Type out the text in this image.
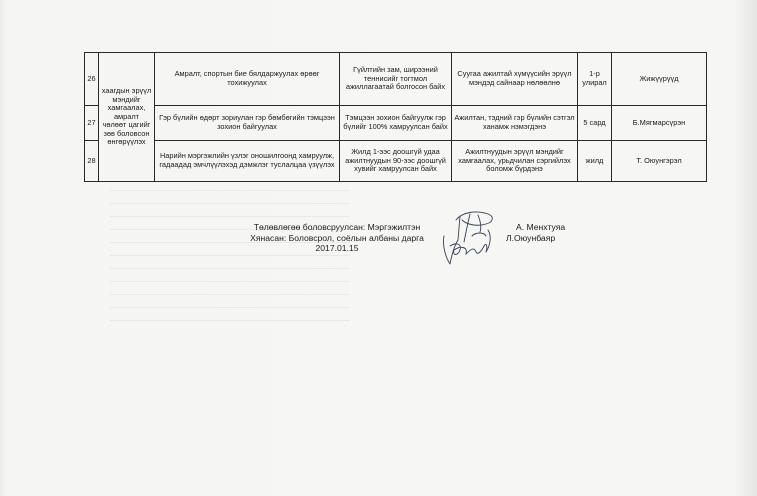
26	хаагдын эрүүл мэндийг хамгаалах, амралт чөлөөт цагийг зөв боловсон өнгөрүүлэх	Амралт, спортын бие бялдаржуулах өрөөг тохижуулах	Гүйлтийн зам, ширээний теннисийг тогтмол ажиллагаатай болгосон байх	Суугаа ажилтай хүмүүсийн эрүүл мэндэд сайнаар нөлөөлнө	1-р улирал	Жижүүрүүд
27		Гэр бүлийн өдөрт зориулан гэр бөмбөгийн тэмцээн зохион байгуулах	Тэмцээн зохион байгуулж гэр бүлийг 100% хамруулсан байх	Ажилтан, тэдний гэр бүлийн сэтгэл ханамж нэмэгдэнэ	5 сард	Б.Мягмарсүрэн
28		Нарийн мэргэжлийн үзлэг оношилгоонд хамруулж, гадаадад эмчлүүлэхэд дэмжлэг туслалцаа үзүүлэх	Жилд 1-ээс доошгүй удаа ажилтнуудын 90-ээс доошгүй хувийг хамруулсан байх	Ажилтнуудын эрүүл мэндийг хамгаалах, урьдчилан сэргийлэх боломж бүрдэнэ	жилд	Т. Оюунгэрэл
Төлөвлөгөө боловсруулсан: Мэргэжилтэн
Хянасан: Боловсрол, соёлын албаны дарга
2017.01.15
А. Менхтуяа
Л.Оюунбаяр
